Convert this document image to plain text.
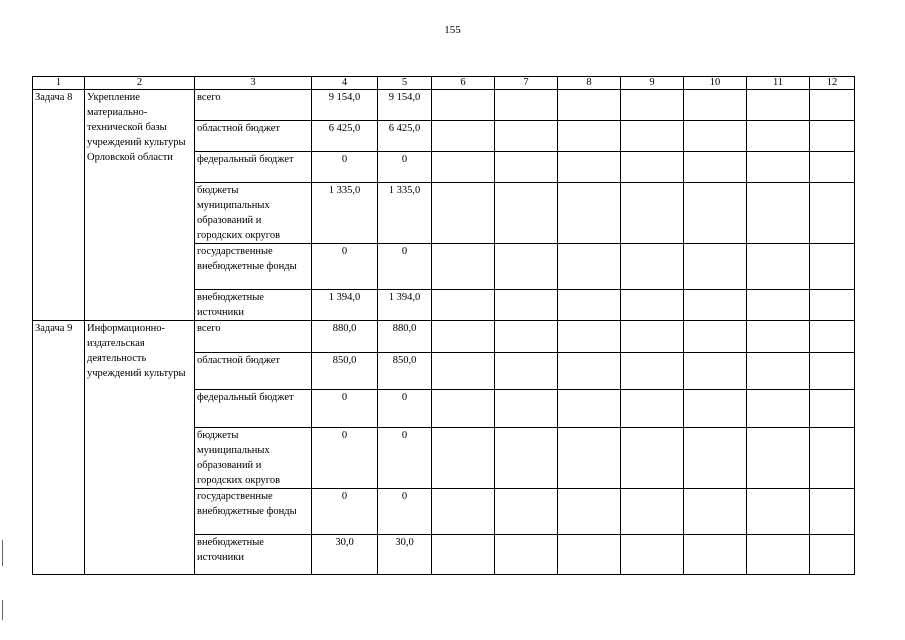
155
1	2	3	4	5	6	7	8	9	10	11	12
Задача 8	Укрепление материально-технической базы учреждений культуры Орловской области	всего	9 154,0	9 154,0							
		областной бюджет	6 425,0	6 425,0							
		федеральный бюджет	0	0							
		бюджеты муниципальных образований и городских округов	1 335,0	1 335,0							
		государственные внебюджетные фонды	0	0							
		внебюджетные источники	1 394,0	1 394,0							
Задача 9	Информационно-издательская деятельность учреждений культуры	всего	880,0	880,0							
		областной бюджет	850,0	850,0							
		федеральный бюджет	0	0							
		бюджеты муниципальных образований и городских округов	0	0							
		государственные внебюджетные фонды	0	0							
		внебюджетные источники	30,0	30,0							
